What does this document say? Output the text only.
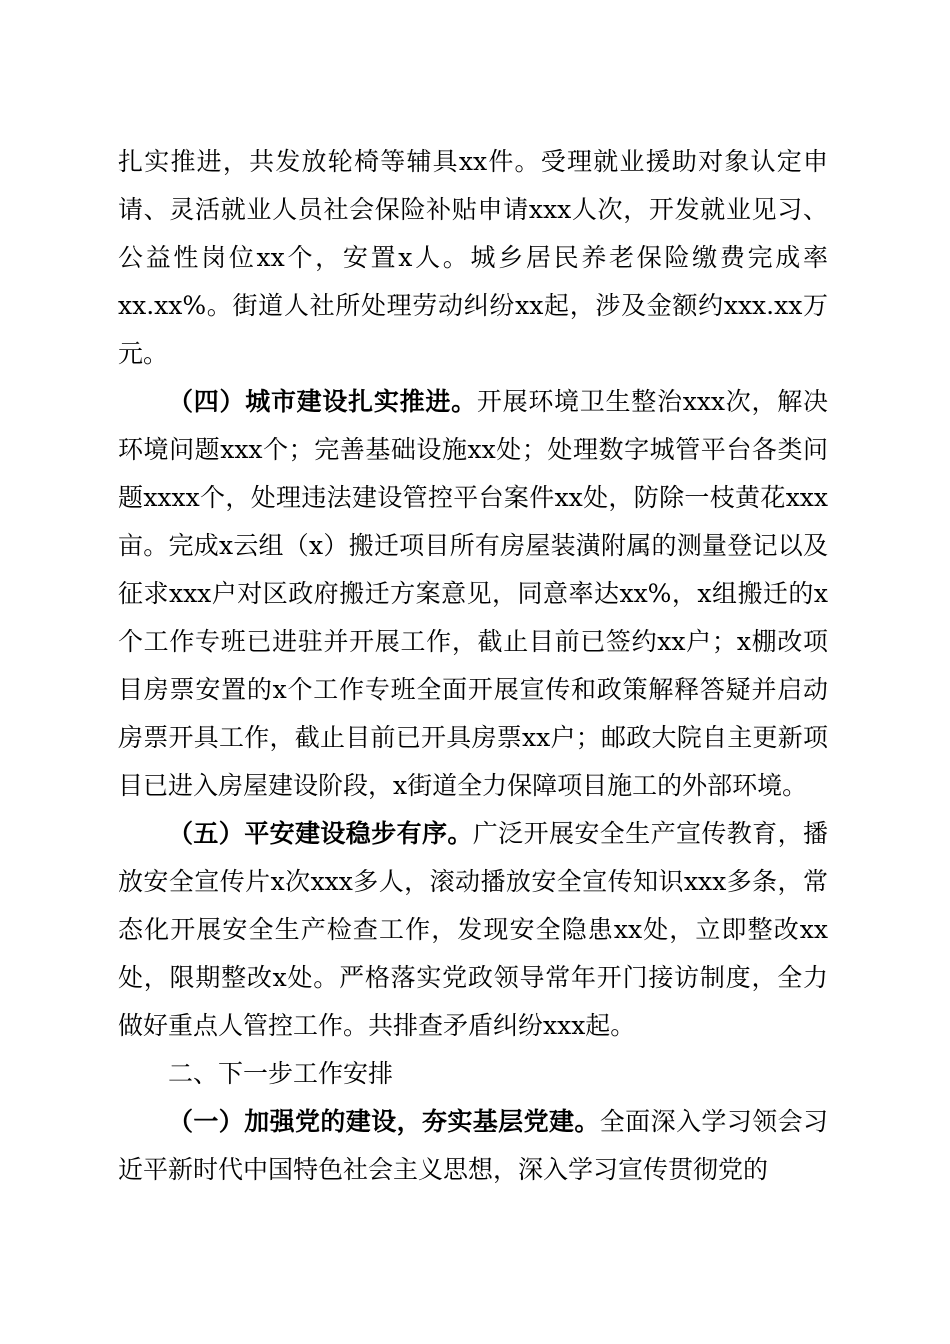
扎实推进，共发放轮椅等辅具xx件。受理就业援助对象认定申请、灵活就业人员社会保险补贴申请xxx人次，开发就业见习、公益性岗位xx个，安置x人。城乡居民养老保险缴费完成率xx.xx%。街道人社所处理劳动纠纷xx起，涉及金额约xxx.xx万元。

（四）城市建设扎实推进。开展环境卫生整治xxx次，解决环境问题xxx个；完善基础设施xx处；处理数字城管平台各类问题xxxx个，处理违法建设管控平台案件xx处，防除一枝黄花xxx亩。完成x云组（x）搬迁项目所有房屋装潢附属的测量登记以及征求xxx户对区政府搬迁方案意见，同意率达xx%，x组搬迁的x个工作专班已进驻并开展工作，截止目前已签约xx户；x棚改项目房票安置的x个工作专班全面开展宣传和政策解释答疑并启动房票开具工作，截止目前已开具房票xx户；邮政大院自主更新项目已进入房屋建设阶段，x街道全力保障项目施工的外部环境。

（五）平安建设稳步有序。广泛开展安全生产宣传教育，播放安全宣传片x次xxx多人，滚动播放安全宣传知识xxx多条，常态化开展安全生产检查工作，发现安全隐患xx处，立即整改xx处，限期整改x处。严格落实党政领导常年开门接访制度，全力做好重点人管控工作。共排查矛盾纠纷xxx起。

二、下一步工作安排

（一）加强党的建设，夯实基层党建。全面深入学习领会习近平新时代中国特色社会主义思想，深入学习宣传贯彻党的
